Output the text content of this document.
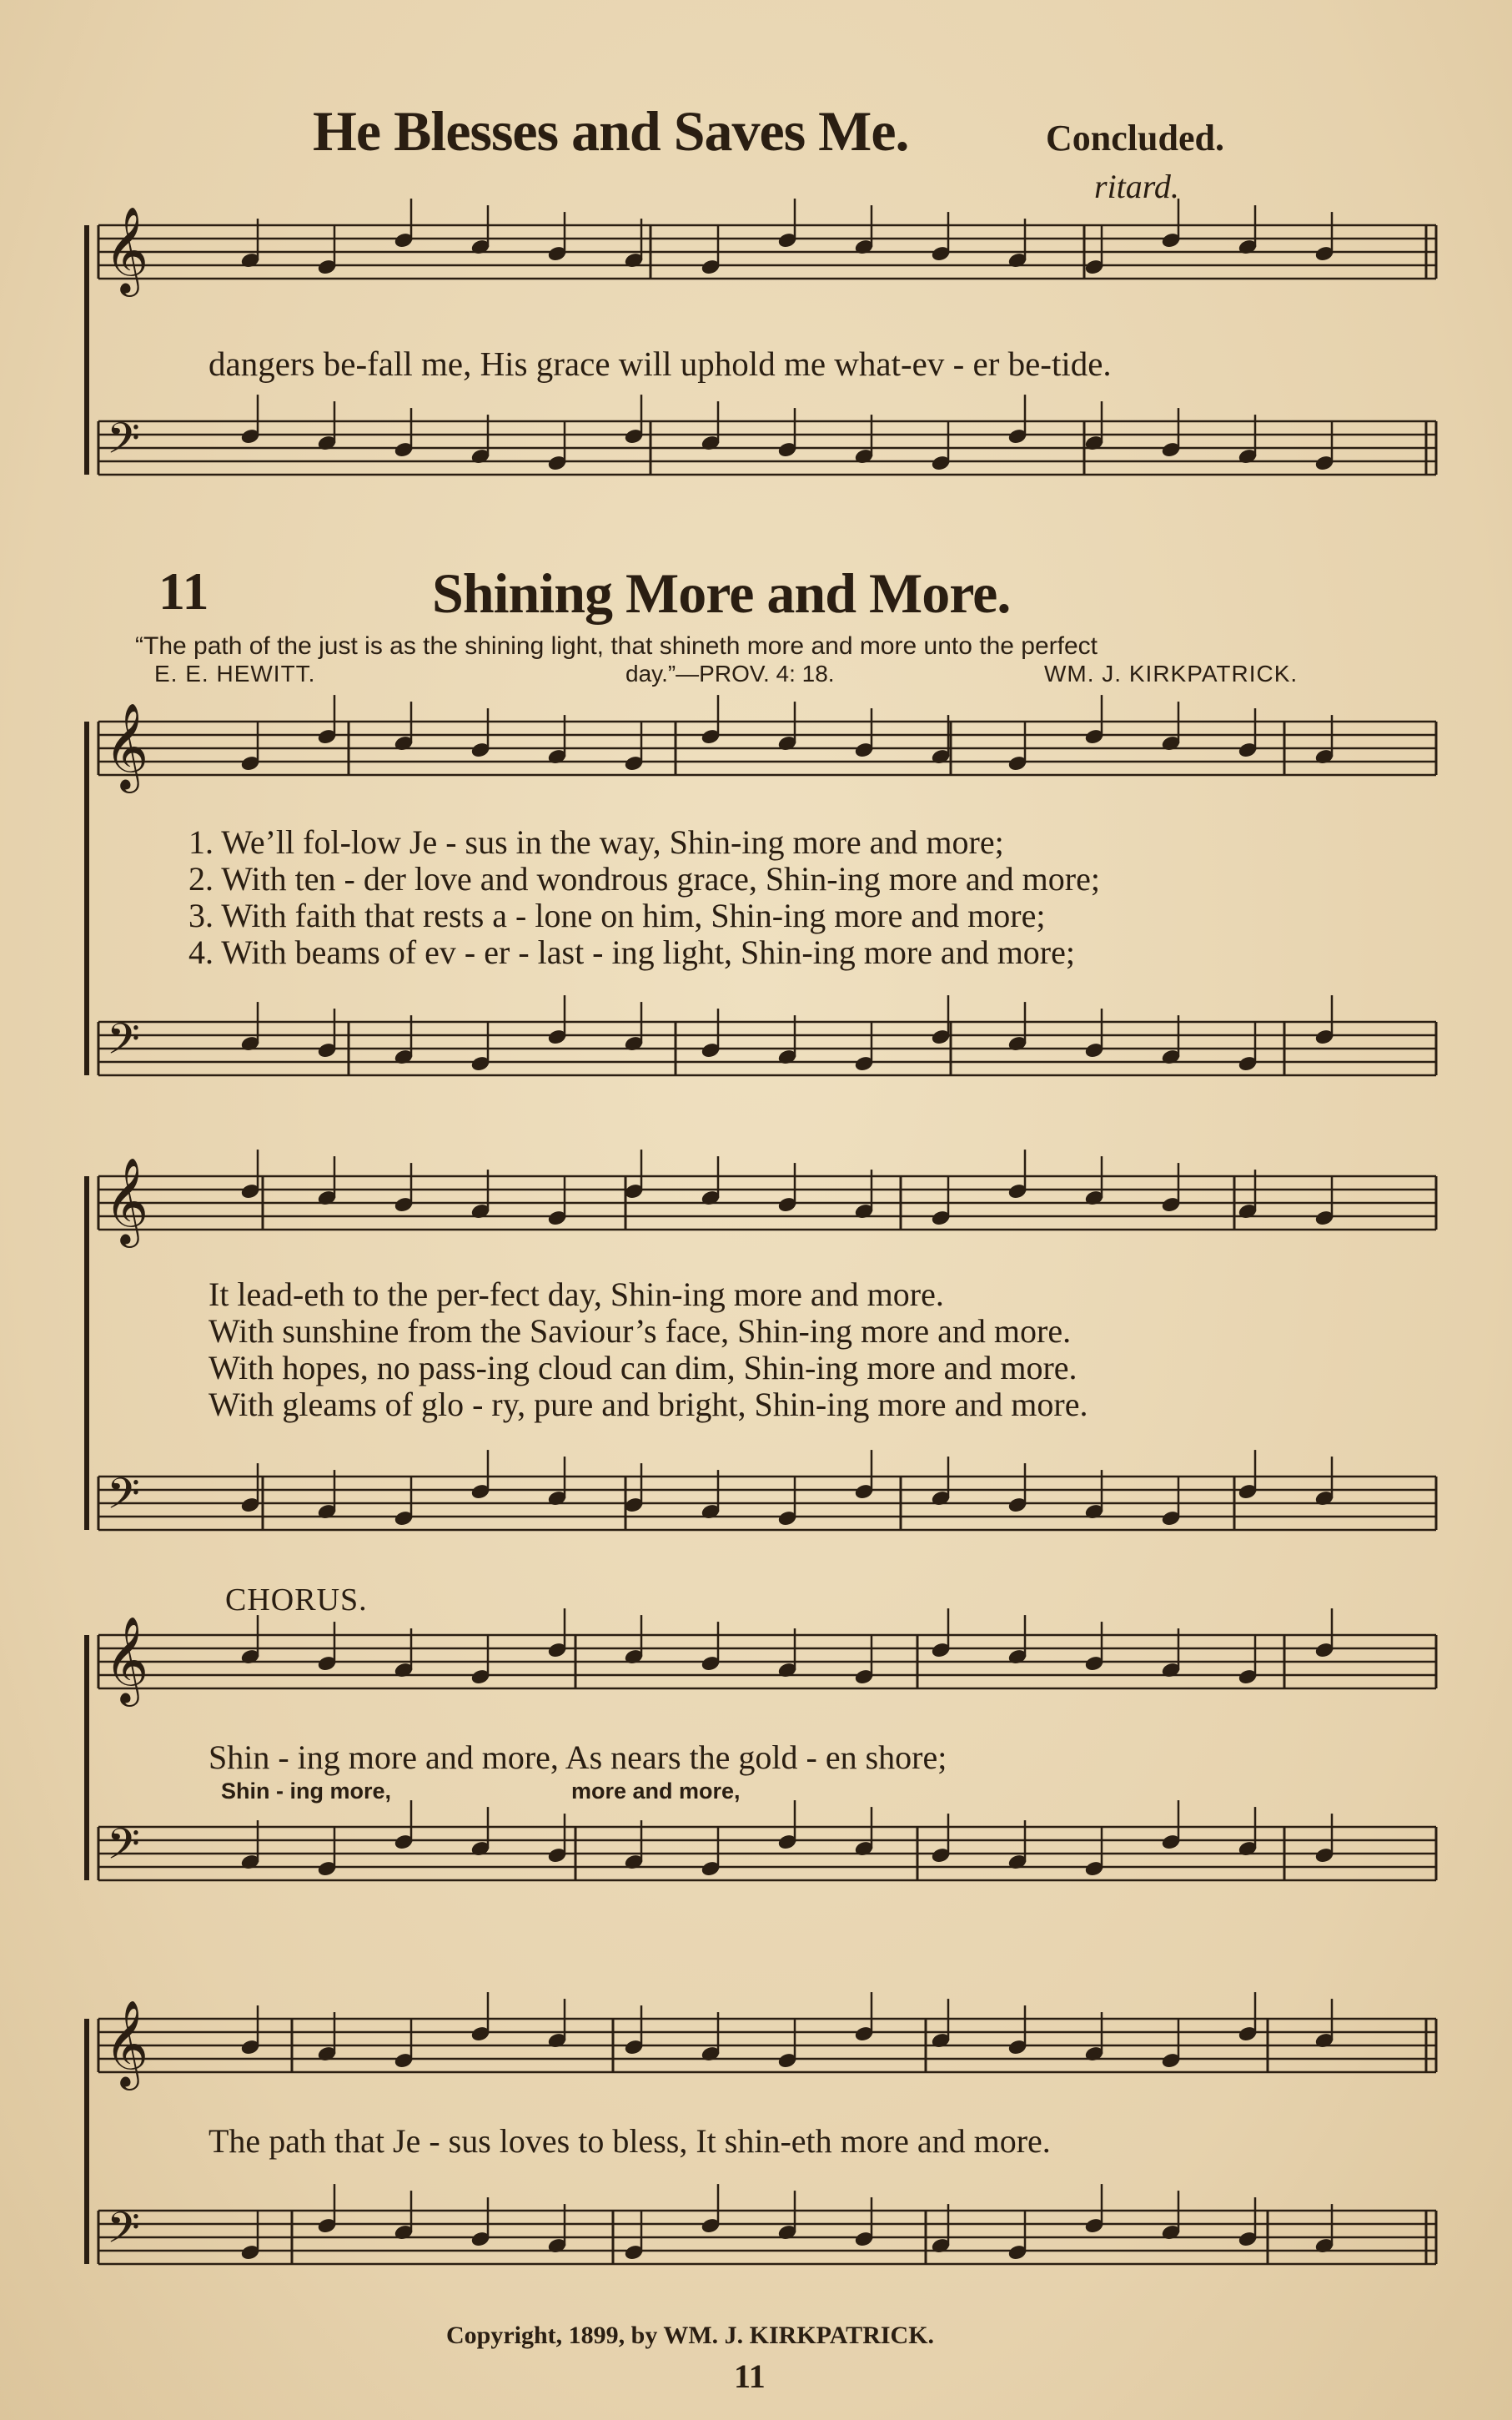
𝄞
𝄢
𝄞
𝄢
𝄞
𝄢
𝄞
𝄢
𝄞
𝄢
He Blesses and Saves Me.	Concluded.
ritard.
dangers be-fall me, His grace will uphold me what-ev - er be-tide.
11	Shining More and More.
“The path of the just is as the shining light, that shineth more and more unto the perfect
E. E. HEWITT.	day.”—PROV. 4: 18.	WM. J. KIRKPATRICK.
1. We’ll fol-low Je - sus in the way, Shin-ing more and more;
2. With ten - der love and wondrous grace, Shin-ing more and more;
3. With faith that rests a - lone on him, Shin-ing more and more;
4. With beams of ev - er - last - ing light, Shin-ing more and more;
It lead-eth to the per-fect day, Shin-ing more and more.
With sunshine from the Saviour’s face, Shin-ing more and more.
With hopes, no pass-ing cloud can dim, Shin-ing more and more.
With gleams of glo - ry, pure and bright, Shin-ing more and more.
CHORUS.
Shin - ing more and more, As nears the gold - en shore;
Shin - ing more,	more and more,
The path that Je - sus loves to bless, It shin-eth more and more.
Copyright, 1899, by WM. J. KIRKPATRICK.
11
